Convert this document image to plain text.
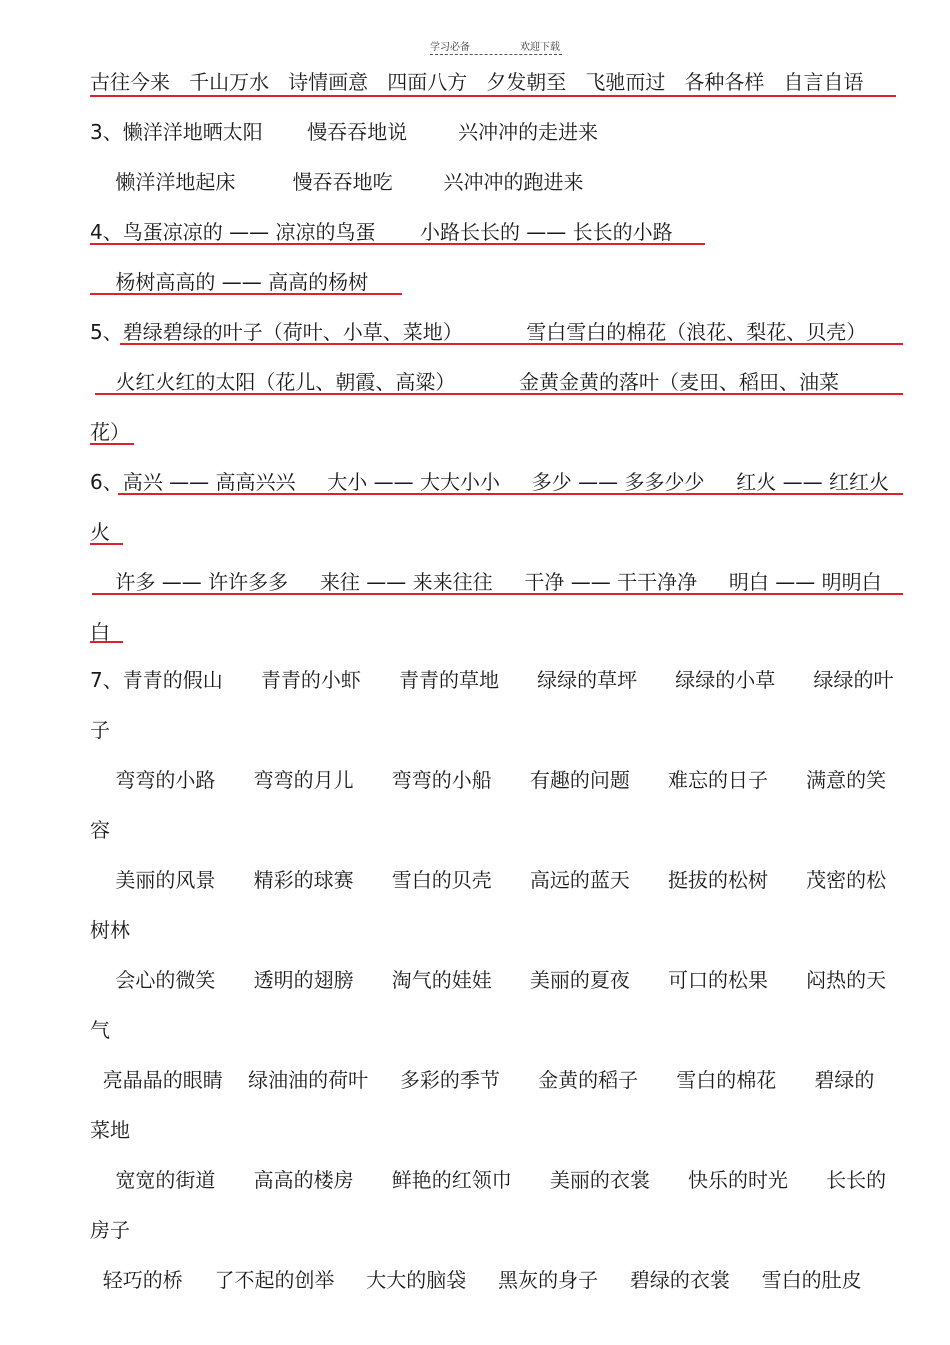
学习必备	欢迎下载
古往今来   千山万水   诗情画意   四面八方   夕发朝至   飞驰而过   各种各样   自言自语
3、懒洋洋地晒太阳       慢吞吞地说        兴冲冲的走进来
懒洋洋地起床         慢吞吞地吃        兴冲冲的跑进来
4、鸟蛋凉凉的 —— 凉凉的鸟蛋       小路长长的 —— 长长的小路
杨树高高的 —— 高高的杨树
5、碧绿碧绿的叶子（荷叶、小草、菜地）          雪白雪白的棉花（浪花、梨花、贝壳）
火红火红的太阳（花儿、朝霞、高粱）          金黄金黄的落叶（麦田、稻田、油菜
花）
6、高兴 —— 高高兴兴     大小 —— 大大小小     多少 —— 多多少少     红火 —— 红红火
火
许多 —— 许许多多     来往 —— 来来往往     干净 —— 干干净净     明白 —— 明明白
白
7、青青的假山      青青的小虾      青青的草地      绿绿的草坪      绿绿的小草      绿绿的叶
子
弯弯的小路      弯弯的月儿      弯弯的小船      有趣的问题      难忘的日子      满意的笑
容
美丽的风景      精彩的球赛      雪白的贝壳      高远的蓝天      挺拔的松树      茂密的松
树林
会心的微笑      透明的翅膀      淘气的娃娃      美丽的夏夜      可口的松果      闷热的天
气
亮晶晶的眼睛    绿油油的荷叶     多彩的季节      金黄的稻子      雪白的棉花      碧绿的
菜地
宽宽的街道      高高的楼房      鲜艳的红领巾      美丽的衣裳      快乐的时光      长长的
房子
轻巧的桥     了不起的创举     大大的脑袋     黑灰的身子     碧绿的衣裳     雪白的肚皮
